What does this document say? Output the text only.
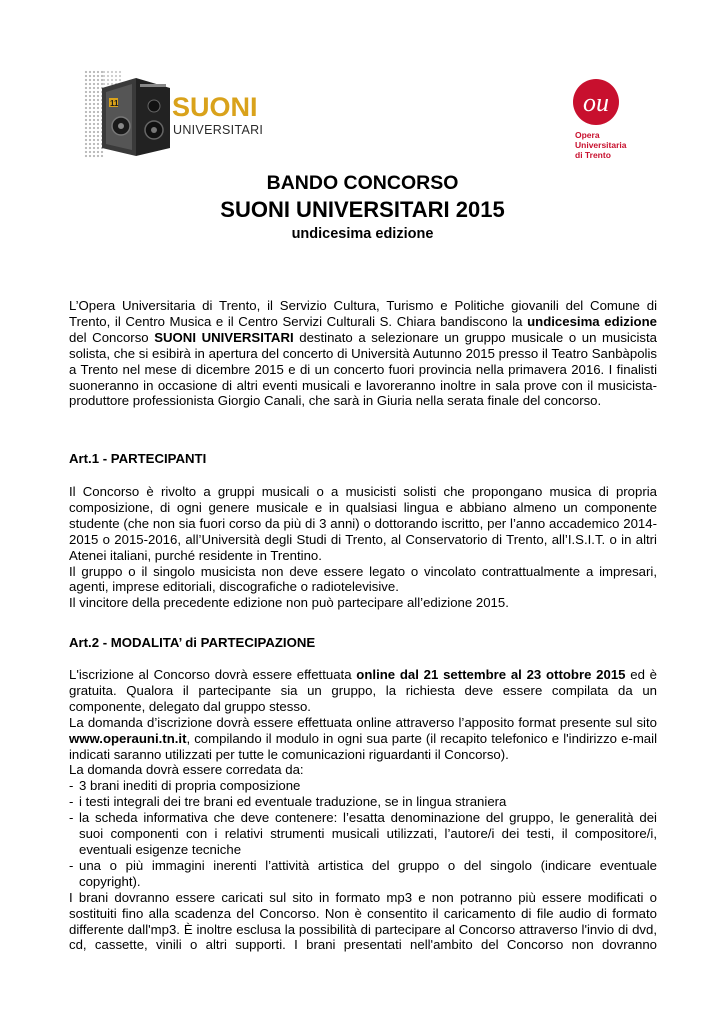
11 SUONI
UNIVERSITARI
ou
Opera
Universitaria
di Trento
BANDO CONCORSO
SUONI UNIVERSITARI 2015
undicesima edizione

L’Opera Universitaria di Trento, il Servizio Cultura, Turismo e Politiche giovanili del Comune di Trento, il Centro Musica e il Centro Servizi Culturali S. Chiara bandiscono la undicesima edizione del Concorso SUONI UNIVERSITARI destinato a selezionare un gruppo musicale o un musicista solista, che si esibirà in apertura del concerto di Università Autunno 2015 presso il Teatro Sanbàpolis a Trento nel mese di dicembre 2015 e di un concerto fuori provincia nella primavera 2016. I finalisti suoneranno in occasione di altri eventi musicali e lavoreranno inoltre in sala prove con il musicista-produttore professionista Giorgio Canali, che sarà in Giuria nella serata finale del concorso.

Art.1 - PARTECIPANTI

Il Concorso è rivolto a gruppi musicali o a musicisti solisti che propongano musica di propria composizione, di ogni genere musicale e in qualsiasi lingua e abbiano almeno un componente studente (che non sia fuori corso da più di 3 anni) o dottorando iscritto, per l’anno accademico 2014-2015 o 2015-2016, all’Università degli Studi di Trento, al Conservatorio di Trento, all’I.S.I.T. o in altri Atenei italiani, purché residente in Trentino.

Il gruppo o il singolo musicista non deve essere legato o vincolato contrattualmente a impresari, agenti, imprese editoriali, discografiche o radiotelevisive.

Il vincitore della precedente edizione non può partecipare all’edizione 2015.

Art.2 - MODALITA’ di PARTECIPAZIONE

L'iscrizione al Concorso dovrà essere effettuata online dal 21 settembre al 23 ottobre 2015 ed è gratuita. Qualora il partecipante sia un gruppo, la richiesta deve essere compilata da un componente, delegato dal gruppo stesso.

La domanda d’iscrizione dovrà essere effettuata online attraverso l’apposito format presente sul sito www.operauni.tn.it, compilando il modulo in ogni sua parte (il recapito telefonico e l'indirizzo e-mail indicati saranno utilizzati per tutte le comunicazioni riguardanti il Concorso).

La domanda dovrà essere corredata da:

- 3 brani inediti di propria composizione
- i testi integrali dei tre brani ed eventuale traduzione, se in lingua straniera
- la scheda informativa che deve contenere: l’esatta denominazione del gruppo, le generalità dei suoi componenti con i relativi strumenti musicali utilizzati, l’autore/i dei testi, il compositore/i, eventuali esigenze tecniche
- una o più immagini inerenti l’attività artistica del gruppo o del singolo (indicare eventuale copyright).

I brani dovranno essere caricati sul sito in formato mp3 e non potranno più essere modificati o sostituiti fino alla scadenza del Concorso. Non è consentito il caricamento di file audio di formato differente dall'mp3. È inoltre esclusa la possibilità di partecipare al Concorso attraverso l'invio di dvd, cd, cassette, vinili o altri supporti. I brani presentati nell'ambito del Concorso non dovranno
